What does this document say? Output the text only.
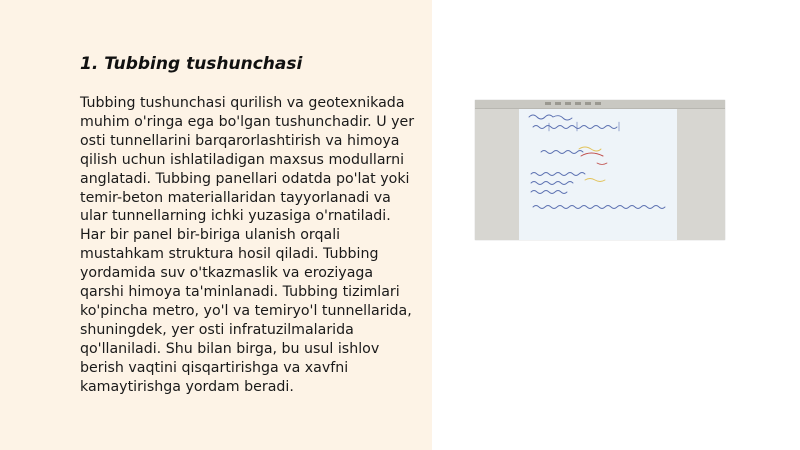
1. Tubbing tushunchasi

Tubbing tushunchasi qurilish va geotexnikada muhim o'ringa ega bo'lgan tushunchadir. U yer osti tunnellarini barqarorlashtirish va himoya qilish uchun ishlatiladigan maxsus modullarni anglatadi. Tubbing panellari odatda po'lat yoki temir-beton materiallaridan tayyorlanadi va ular tunnellarning ichki yuzasiga o'rnatiladi. Har bir panel bir-biriga ulanish orqali mustahkam struktura hosil qiladi. Tubbing yordamida suv o'tkazmaslik va eroziyaga qarshi himoya ta'minlanadi. Tubbing tizimlari ko'pincha metro, yo'l va temiryo'l tunnellarida, shuningdek, yer osti infratuzilmalarida qo'llaniladi. Shu bilan birga, bu usul ishlov berish vaqtini qisqartirishga va xavfni kamaytirishga yordam beradi.
